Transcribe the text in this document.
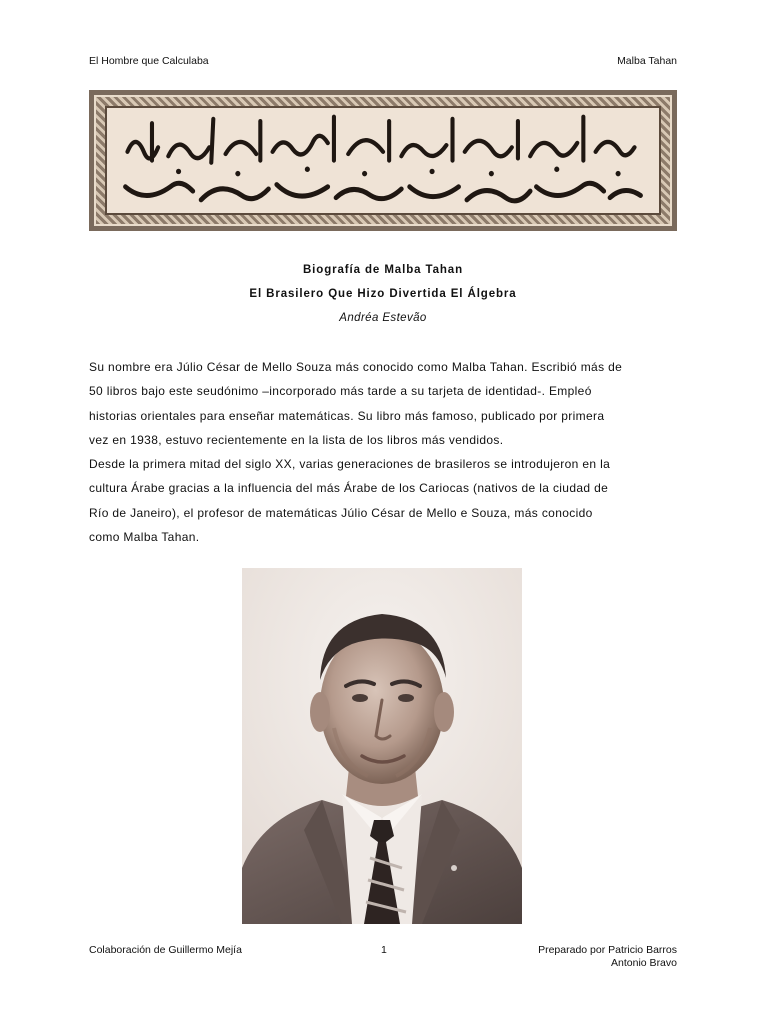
El Hombre que Calculaba	Malba Tahan
Biografía de Malba Tahan
El Brasilero Que Hizo Divertida El Álgebra
Andréa Estevão
Su nombre era Júlio César de Mello Souza más conocido como Malba Tahan. Escribió más de
50 libros bajo este seudónimo –incorporado más tarde a su tarjeta de identidad-. Empleó
historias orientales para enseñar matemáticas. Su libro más famoso, publicado por primera
vez en 1938, estuvo recientemente en la lista de los libros más vendidos.
Desde la primera mitad del siglo XX, varias generaciones de brasileros se introdujeron en la
cultura Árabe gracias a la influencia del más Árabe de los Cariocas (nativos de la ciudad de
Río de Janeiro), el profesor de matemáticas Júlio César de Mello e Souza, más conocido
como Malba Tahan.
Colaboración de Guillermo Mejía	1	Preparado por Patricio Barros
Antonio Bravo
